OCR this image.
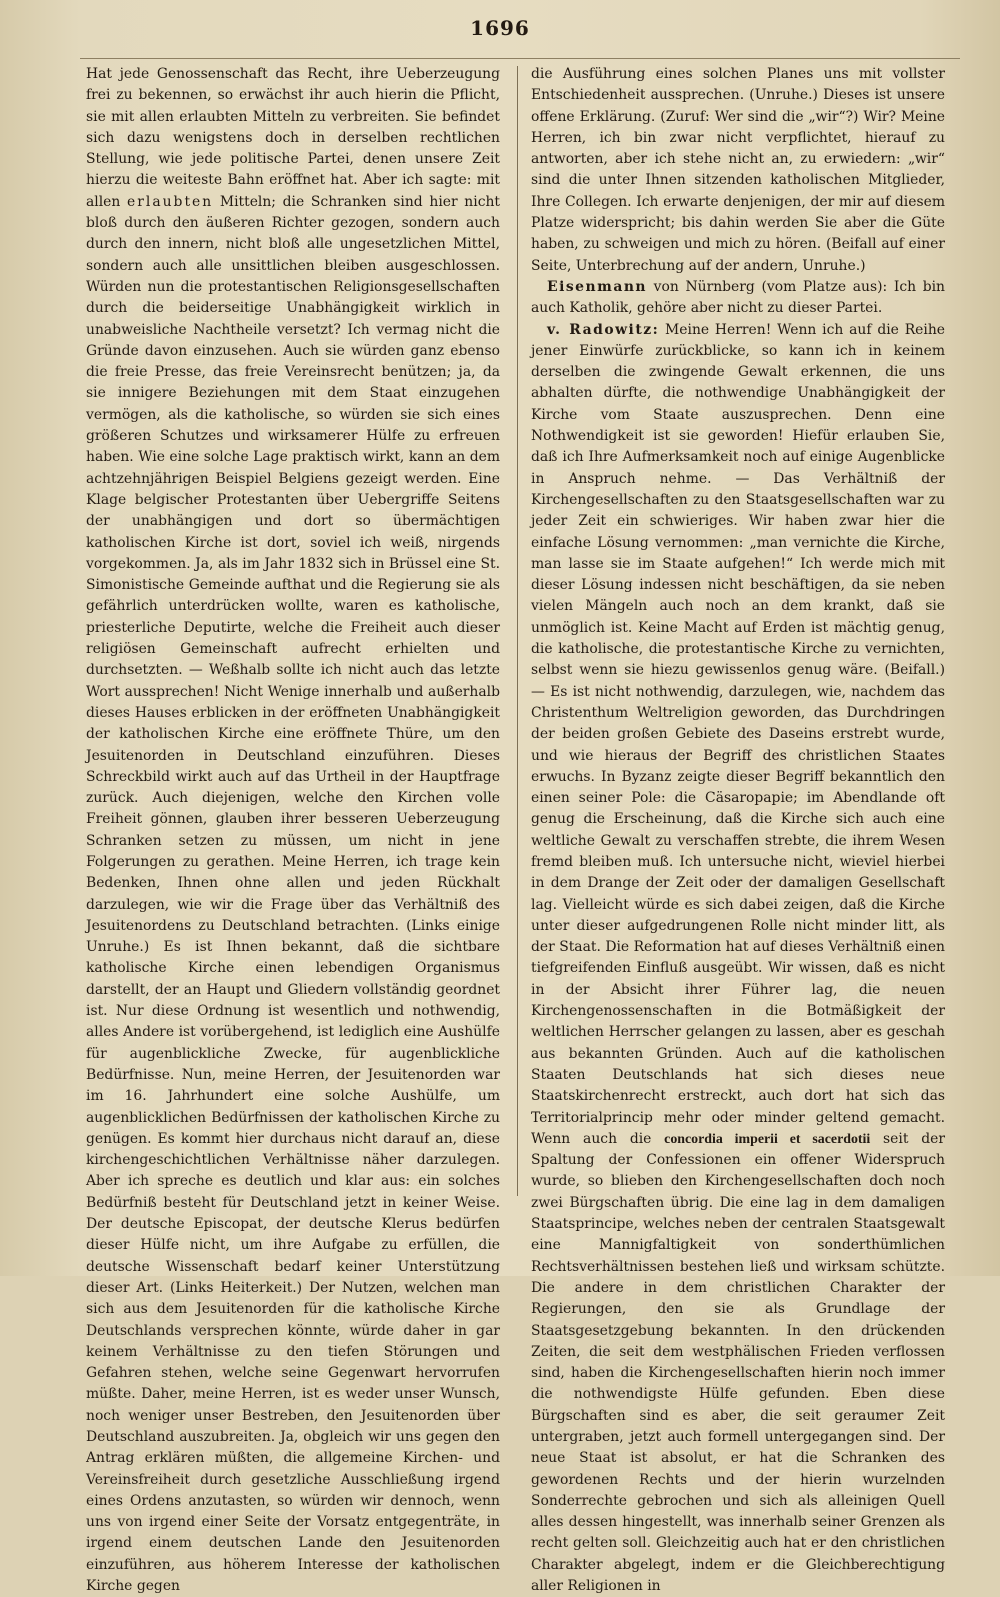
1696

Hat jede Genossenschaft das Recht, ihre Ueberzeugung frei zu bekennen, so erwächst ihr auch hierin die Pflicht, sie mit allen erlaubten Mitteln zu verbreiten. Sie befindet sich dazu wenigstens doch in derselben rechtlichen Stellung, wie jede politische Partei, denen unsere Zeit hierzu die weiteste Bahn eröffnet hat. Aber ich sagte: mit allen erlaubten Mitteln; die Schranken sind hier nicht bloß durch den äußeren Richter gezogen, sondern auch durch den innern, nicht bloß alle ungesetzlichen Mittel, sondern auch alle unsittlichen bleiben ausgeschlossen. Würden nun die protestantischen Religionsgesellschaften durch die beiderseitige Unabhängigkeit wirklich in unabweisliche Nachtheile versetzt? Ich vermag nicht die Gründe davon einzusehen. Auch sie würden ganz ebenso die freie Presse, das freie Vereinsrecht benützen; ja, da sie innigere Beziehungen mit dem Staat einzugehen vermögen, als die katholische, so würden sie sich eines größeren Schutzes und wirksamerer Hülfe zu erfreuen haben. Wie eine solche Lage praktisch wirkt, kann an dem achtzehnjährigen Beispiel Belgiens gezeigt werden. Eine Klage belgischer Protestanten über Uebergriffe Seitens der unabhängigen und dort so übermächtigen katholischen Kirche ist dort, soviel ich weiß, nirgends vorgekommen. Ja, als im Jahr 1832 sich in Brüssel eine St. Simonistische Gemeinde aufthat und die Regierung sie als gefährlich unterdrücken wollte, waren es katholische, priesterliche Deputirte, welche die Freiheit auch dieser religiösen Gemeinschaft aufrecht erhielten und durchsetzten. — Weßhalb sollte ich nicht auch das letzte Wort aussprechen! Nicht Wenige innerhalb und außerhalb dieses Hauses erblicken in der eröffneten Unabhängigkeit der katholischen Kirche eine eröffnete Thüre, um den Jesuitenorden in Deutschland einzuführen. Dieses Schreckbild wirkt auch auf das Urtheil in der Hauptfrage zurück. Auch diejenigen, welche den Kirchen volle Freiheit gönnen, glauben ihrer besseren Ueberzeugung Schranken setzen zu müssen, um nicht in jene Folgerungen zu gerathen. Meine Herren, ich trage kein Bedenken, Ihnen ohne allen und jeden Rückhalt darzulegen, wie wir die Frage über das Verhältniß des Jesuitenordens zu Deutschland betrachten. (Links einige Unruhe.) Es ist Ihnen bekannt, daß die sichtbare katholische Kirche einen lebendigen Organismus darstellt, der an Haupt und Gliedern vollständig geordnet ist. Nur diese Ordnung ist wesentlich und nothwendig, alles Andere ist vorübergehend, ist lediglich eine Aushülfe für augenblickliche Zwecke, für augenblickliche Bedürfnisse. Nun, meine Herren, der Jesuitenorden war im 16. Jahrhundert eine solche Aushülfe, um augenblicklichen Bedürfnissen der katholischen Kirche zu genügen. Es kommt hier durchaus nicht darauf an, diese kirchengeschichtlichen Verhältnisse näher darzulegen. Aber ich spreche es deutlich und klar aus: ein solches Bedürfniß besteht für Deutschland jetzt in keiner Weise. Der deutsche Episcopat, der deutsche Klerus bedürfen dieser Hülfe nicht, um ihre Aufgabe zu erfüllen, die deutsche Wissenschaft bedarf keiner Unterstützung dieser Art. (Links Heiterkeit.) Der Nutzen, welchen man sich aus dem Jesuitenorden für die katholische Kirche Deutschlands versprechen könnte, würde daher in gar keinem Verhältnisse zu den tiefen Störungen und Gefahren stehen, welche seine Gegenwart hervorrufen müßte. Daher, meine Herren, ist es weder unser Wunsch, noch weniger unser Bestreben, den Jesuitenorden über Deutschland auszubreiten. Ja, obgleich wir uns gegen den Antrag erklären müßten, die allgemeine Kirchen- und Vereinsfreiheit durch gesetzliche Ausschließung irgend eines Ordens anzutasten, so würden wir dennoch, wenn uns von irgend einer Seite der Vorsatz entgegenträte, in irgend einem deutschen Lande den Jesuitenorden einzuführen, aus höherem Interesse der katholischen Kirche gegen

die Ausführung eines solchen Planes uns mit vollster Entschiedenheit aussprechen. (Unruhe.) Dieses ist unsere offene Erklärung. (Zuruf: Wer sind die „wir“?) Wir? Meine Herren, ich bin zwar nicht verpflichtet, hierauf zu antworten, aber ich stehe nicht an, zu erwiedern: „wir“ sind die unter Ihnen sitzenden katholischen Mitglieder, Ihre Collegen. Ich erwarte denjenigen, der mir auf diesem Platze widerspricht; bis dahin werden Sie aber die Güte haben, zu schweigen und mich zu hören. (Beifall auf einer Seite, Unterbrechung auf der andern, Unruhe.)

Eisenmann von Nürnberg (vom Platze aus): Ich bin auch Katholik, gehöre aber nicht zu dieser Partei.

v. Radowitz: Meine Herren! Wenn ich auf die Reihe jener Einwürfe zurückblicke, so kann ich in keinem derselben die zwingende Gewalt erkennen, die uns abhalten dürfte, die nothwendige Unabhängigkeit der Kirche vom Staate auszusprechen. Denn eine Nothwendigkeit ist sie geworden! Hiefür erlauben Sie, daß ich Ihre Aufmerksamkeit noch auf einige Augenblicke in Anspruch nehme. — Das Verhältniß der Kirchengesellschaften zu den Staatsgesellschaften war zu jeder Zeit ein schwieriges. Wir haben zwar hier die einfache Lösung vernommen: „man vernichte die Kirche, man lasse sie im Staate aufgehen!“ Ich werde mich mit dieser Lösung indessen nicht beschäftigen, da sie neben vielen Mängeln auch noch an dem krankt, daß sie unmöglich ist. Keine Macht auf Erden ist mächtig genug, die katholische, die protestantische Kirche zu vernichten, selbst wenn sie hiezu gewissenlos genug wäre. (Beifall.) — Es ist nicht nothwendig, darzulegen, wie, nachdem das Christenthum Weltreligion geworden, das Durchdringen der beiden großen Gebiete des Daseins erstrebt wurde, und wie hieraus der Begriff des christlichen Staates erwuchs. In Byzanz zeigte dieser Begriff bekanntlich den einen seiner Pole: die Cäsaropapie; im Abendlande oft genug die Erscheinung, daß die Kirche sich auch eine weltliche Gewalt zu verschaffen strebte, die ihrem Wesen fremd bleiben muß. Ich untersuche nicht, wieviel hierbei in dem Drange der Zeit oder der damaligen Gesellschaft lag. Vielleicht würde es sich dabei zeigen, daß die Kirche unter dieser aufgedrungenen Rolle nicht minder litt, als der Staat. Die Reformation hat auf dieses Verhältniß einen tiefgreifenden Einfluß ausgeübt. Wir wissen, daß es nicht in der Absicht ihrer Führer lag, die neuen Kirchengenossenschaften in die Botmäßigkeit der weltlichen Herrscher gelangen zu lassen, aber es geschah aus bekannten Gründen. Auch auf die katholischen Staaten Deutschlands hat sich dieses neue Staatskirchenrecht erstreckt, auch dort hat sich das Territorialprincip mehr oder minder geltend gemacht. Wenn auch die concordia imperii et sacerdotii seit der Spaltung der Confessionen ein offener Widerspruch wurde, so blieben den Kirchengesellschaften doch noch zwei Bürgschaften übrig. Die eine lag in dem damaligen Staatsprincipe, welches neben der centralen Staatsgewalt eine Mannigfaltigkeit von sonderthümlichen Rechtsverhältnissen bestehen ließ und wirksam schützte. Die andere in dem christlichen Charakter der Regierungen, den sie als Grundlage der Staatsgesetzgebung bekannten. In den drückenden Zeiten, die seit dem westphälischen Frieden verflossen sind, haben die Kirchengesellschaften hierin noch immer die nothwendigste Hülfe gefunden. Eben diese Bürgschaften sind es aber, die seit geraumer Zeit untergraben, jetzt auch formell untergegangen sind. Der neue Staat ist absolut, er hat die Schranken des gewordenen Rechts und der hierin wurzelnden Sonderrechte gebrochen und sich als alleinigen Quell alles dessen hingestellt, was innerhalb seiner Grenzen als recht gelten soll. Gleichzeitig auch hat er den christlichen Charakter abgelegt, indem er die Gleichberechtigung aller Religionen in
